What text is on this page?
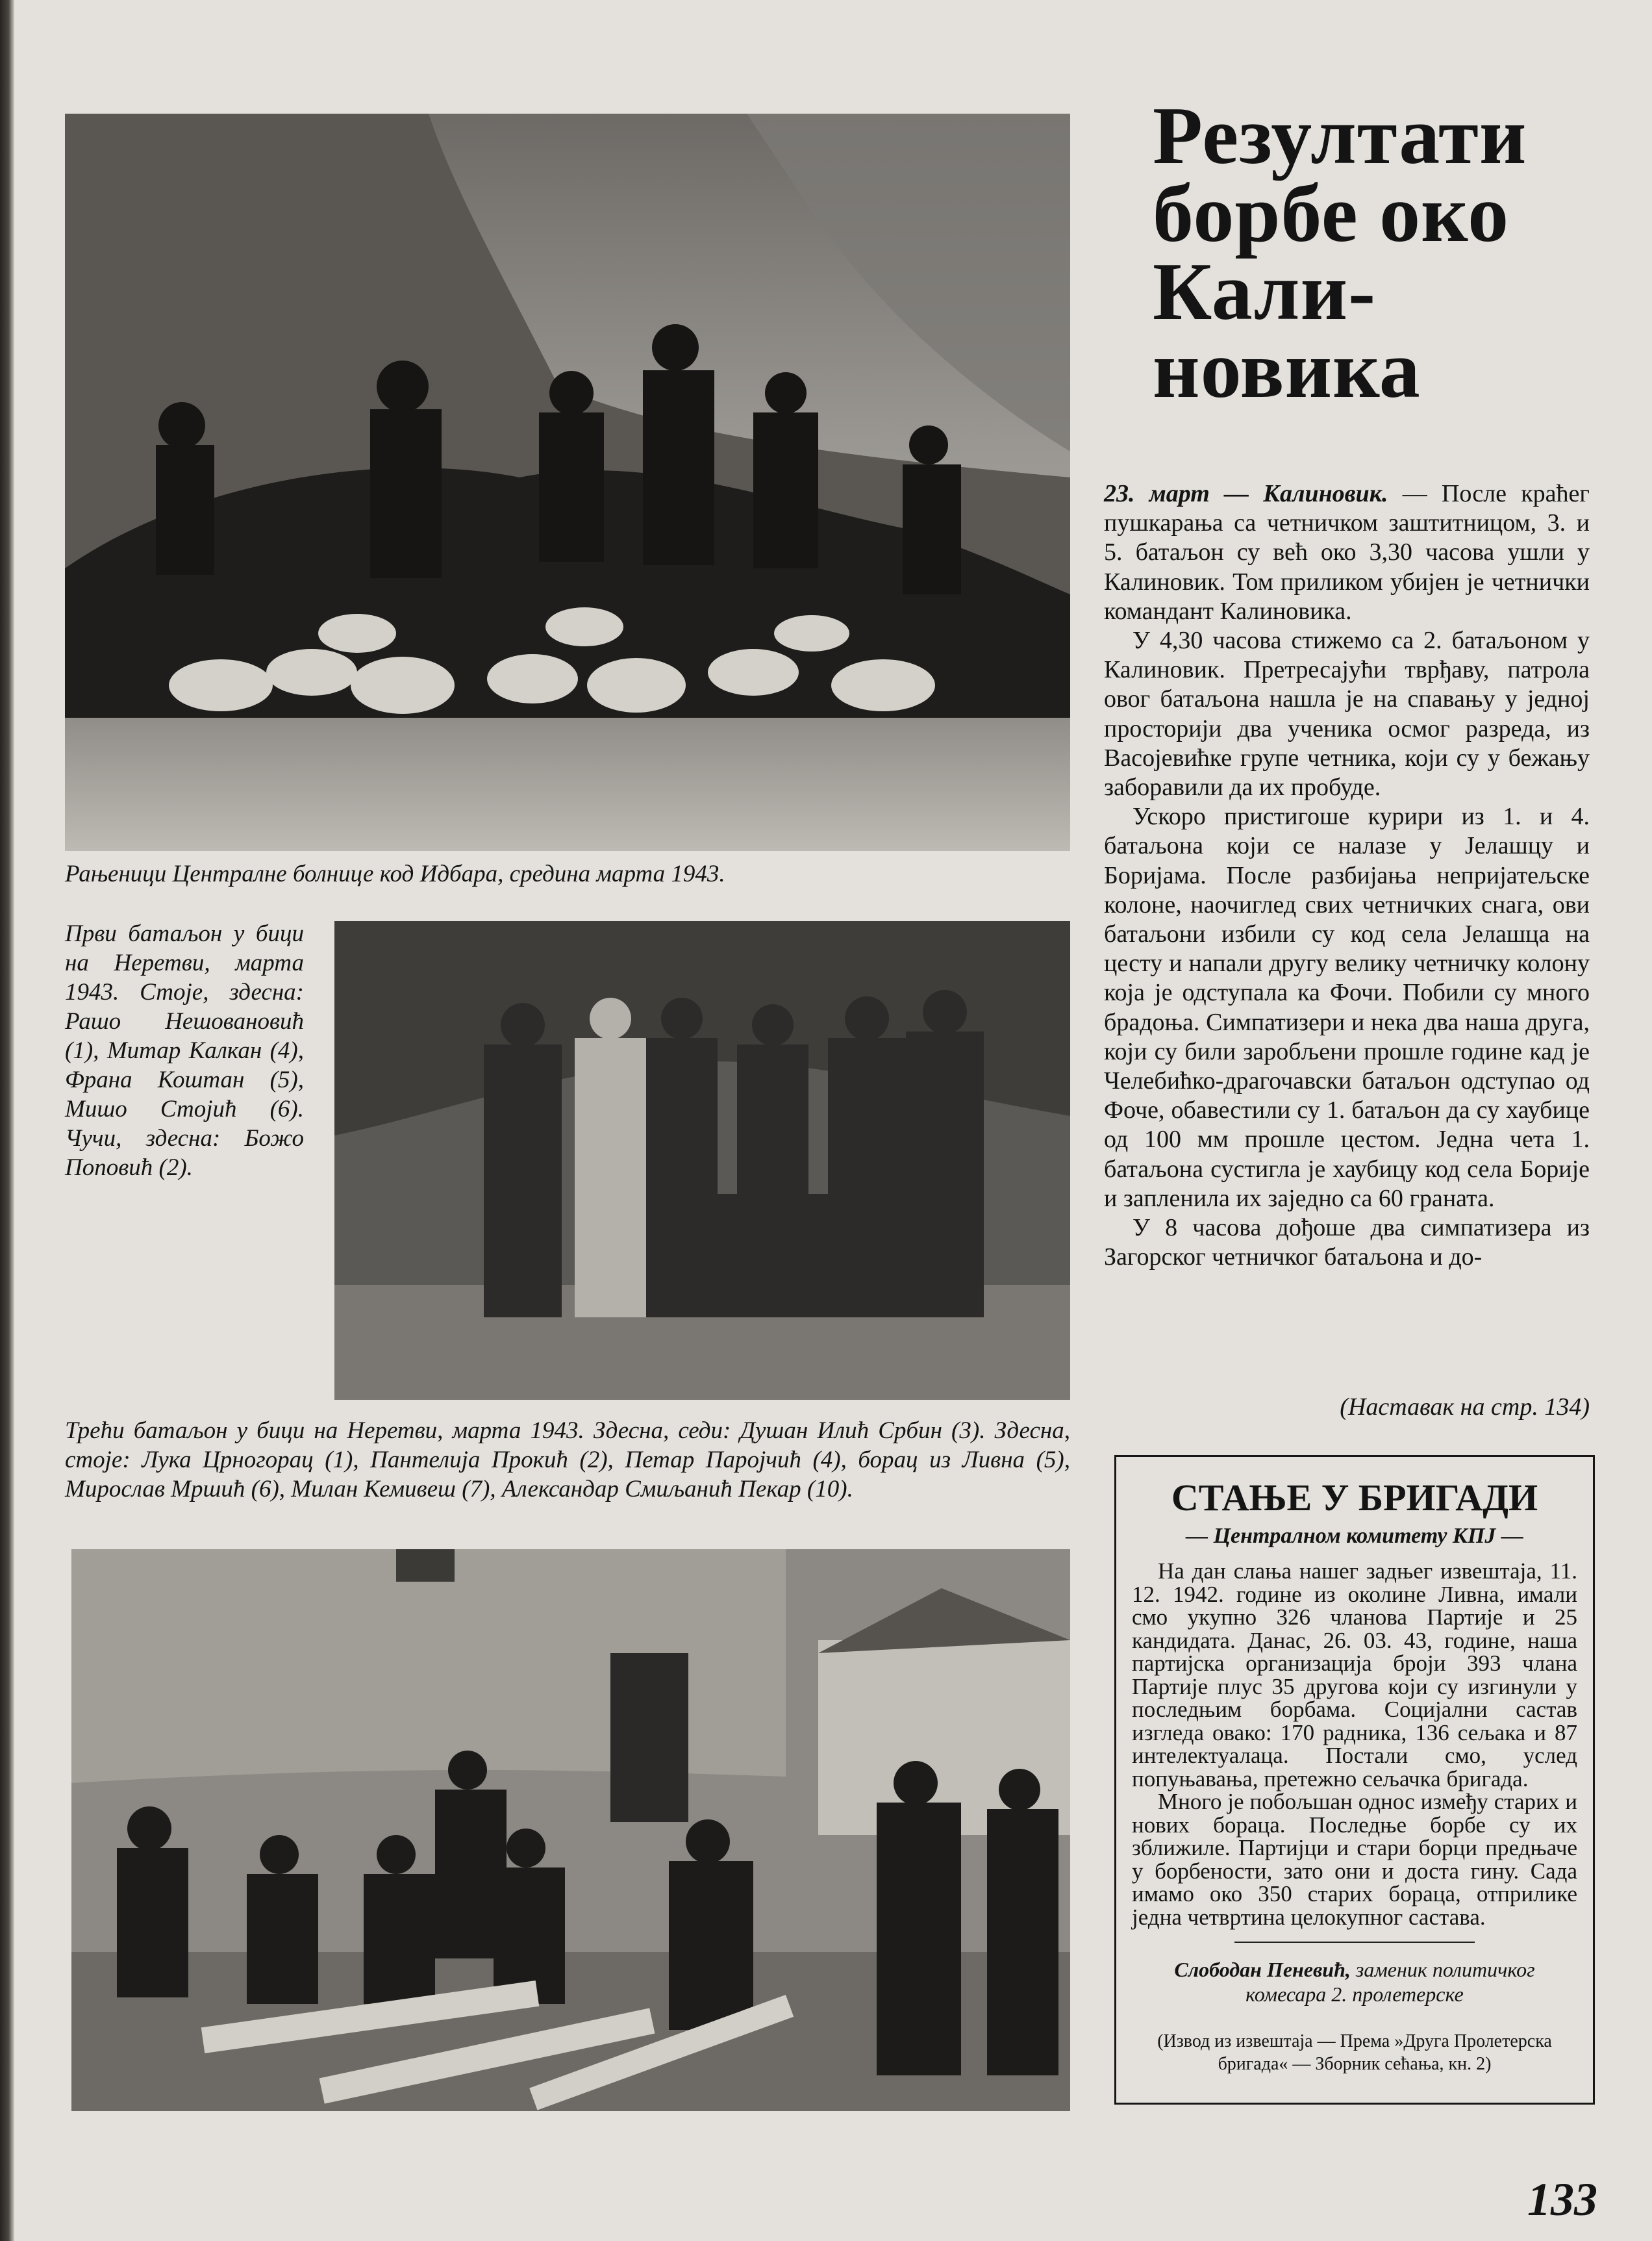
Рањеници Централне болнице код Идбара, средина марта 1943.

Први батаљон у бици на Неретви, марта 1943. Стоје, здесна: Рашо Нешовановић (1), Митар Калкан (4), Франа Коштан (5), Мишо Стојић (6). Чучи, здесна: Божо Поповић (2).

Трећи батаљон у бици на Неретви, марта 1943. Здесна, седи: Душан Илић Србин (3). Здесна, стоје: Лука Црногорац (1), Пантелија Прокић (2), Петар Паројчић (4), борац из Ливна (5), Мирослав Мршић (6), Милан Кемивеш (7), Александар Смиљанић Пекар (10).

Резултати борбе око Кали-новика

23. март — Калиновик. — После краћег пушкарања са четничком заштитницом, 3. и 5. батаљон су већ око 3,30 часова ушли у Калиновик. Том приликом убијен је четнички командант Калиновика.

У 4,30 часова стижемо са 2. батаљоном у Калиновик. Претресајући тврђаву, патрола овог батаљона нашла је на спавању у једној просторији два ученика осмог разреда, из Васојевићке групе четника, који су у бежању заборавили да их пробуде.

Ускоро пристигоше курири из 1. и 4. батаљона који се налазе у Јелашцу и Боријама. После разбијања непријатељске колоне, наочиглед свих четничких снага, ови батаљони избили су код села Јелашца на цесту и напали другу велику четничку колону која је одступала ка Фочи. Побили су много брадоња. Симпатизери и нека два наша друга, који су били заробљени прошле године кад је Челебићко-драгочавски батаљон одступао од Фоче, обавестили су 1. батаљон да су хаубице од 100 мм прошле цестом. Једна чета 1. батаљона сустигла је хаубицу код села Борије и запленила их заједно са 60 граната.

У 8 часова дођоше два симпатизера из Загорског четничког батаљона и до-

(Наставак на стр. 134)

СТАЊЕ У БРИГАДИ

— Централном комитету КПЈ —

На дан слања нашег задњег извештаја, 11. 12. 1942. године из околине Ливна, имали смо укупно 326 чланова Партије и 25 кандидата. Данас, 26. 03. 43, године, наша партијска организација броји 393 члана Партије плус 35 другова који су изгинули у последњим борбама. Социјални састав изгледа овако: 170 радника, 136 сељака и 87 интелектуалаца. Постали смо, услед попуњавања, претежно сељачка бригада.

Много је побољшан однос између старих и нових бораца. Последње борбе су их зближиле. Партијци и стари борци предњаче у борбености, зато они и доста гину. Сада имамо око 350 старих бораца, отприлике једна четвртина целокупног састава.

Слободан Пеневић, заменик политичког комесара 2. пролетерске

(Извод из извештаја — Према »Друга Пролетерска бригада« — Зборник сећања, кн. 2)

133
